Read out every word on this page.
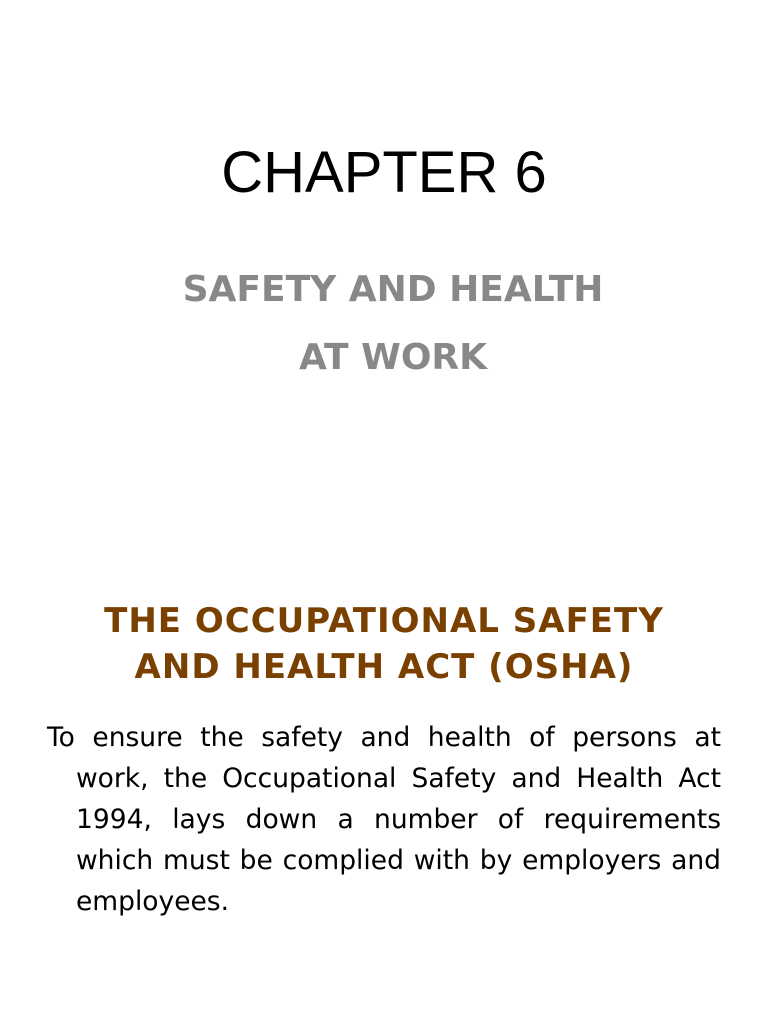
CHAPTER 6
SAFETY AND HEALTH
AT WORK
THE OCCUPATIONAL SAFETY
AND HEALTH ACT (OSHA)

To ensure the safety and health of persons at work, the Occupational Safety and Health Act 1994, lays down a number of requirements which must be complied with by employers and employees.
